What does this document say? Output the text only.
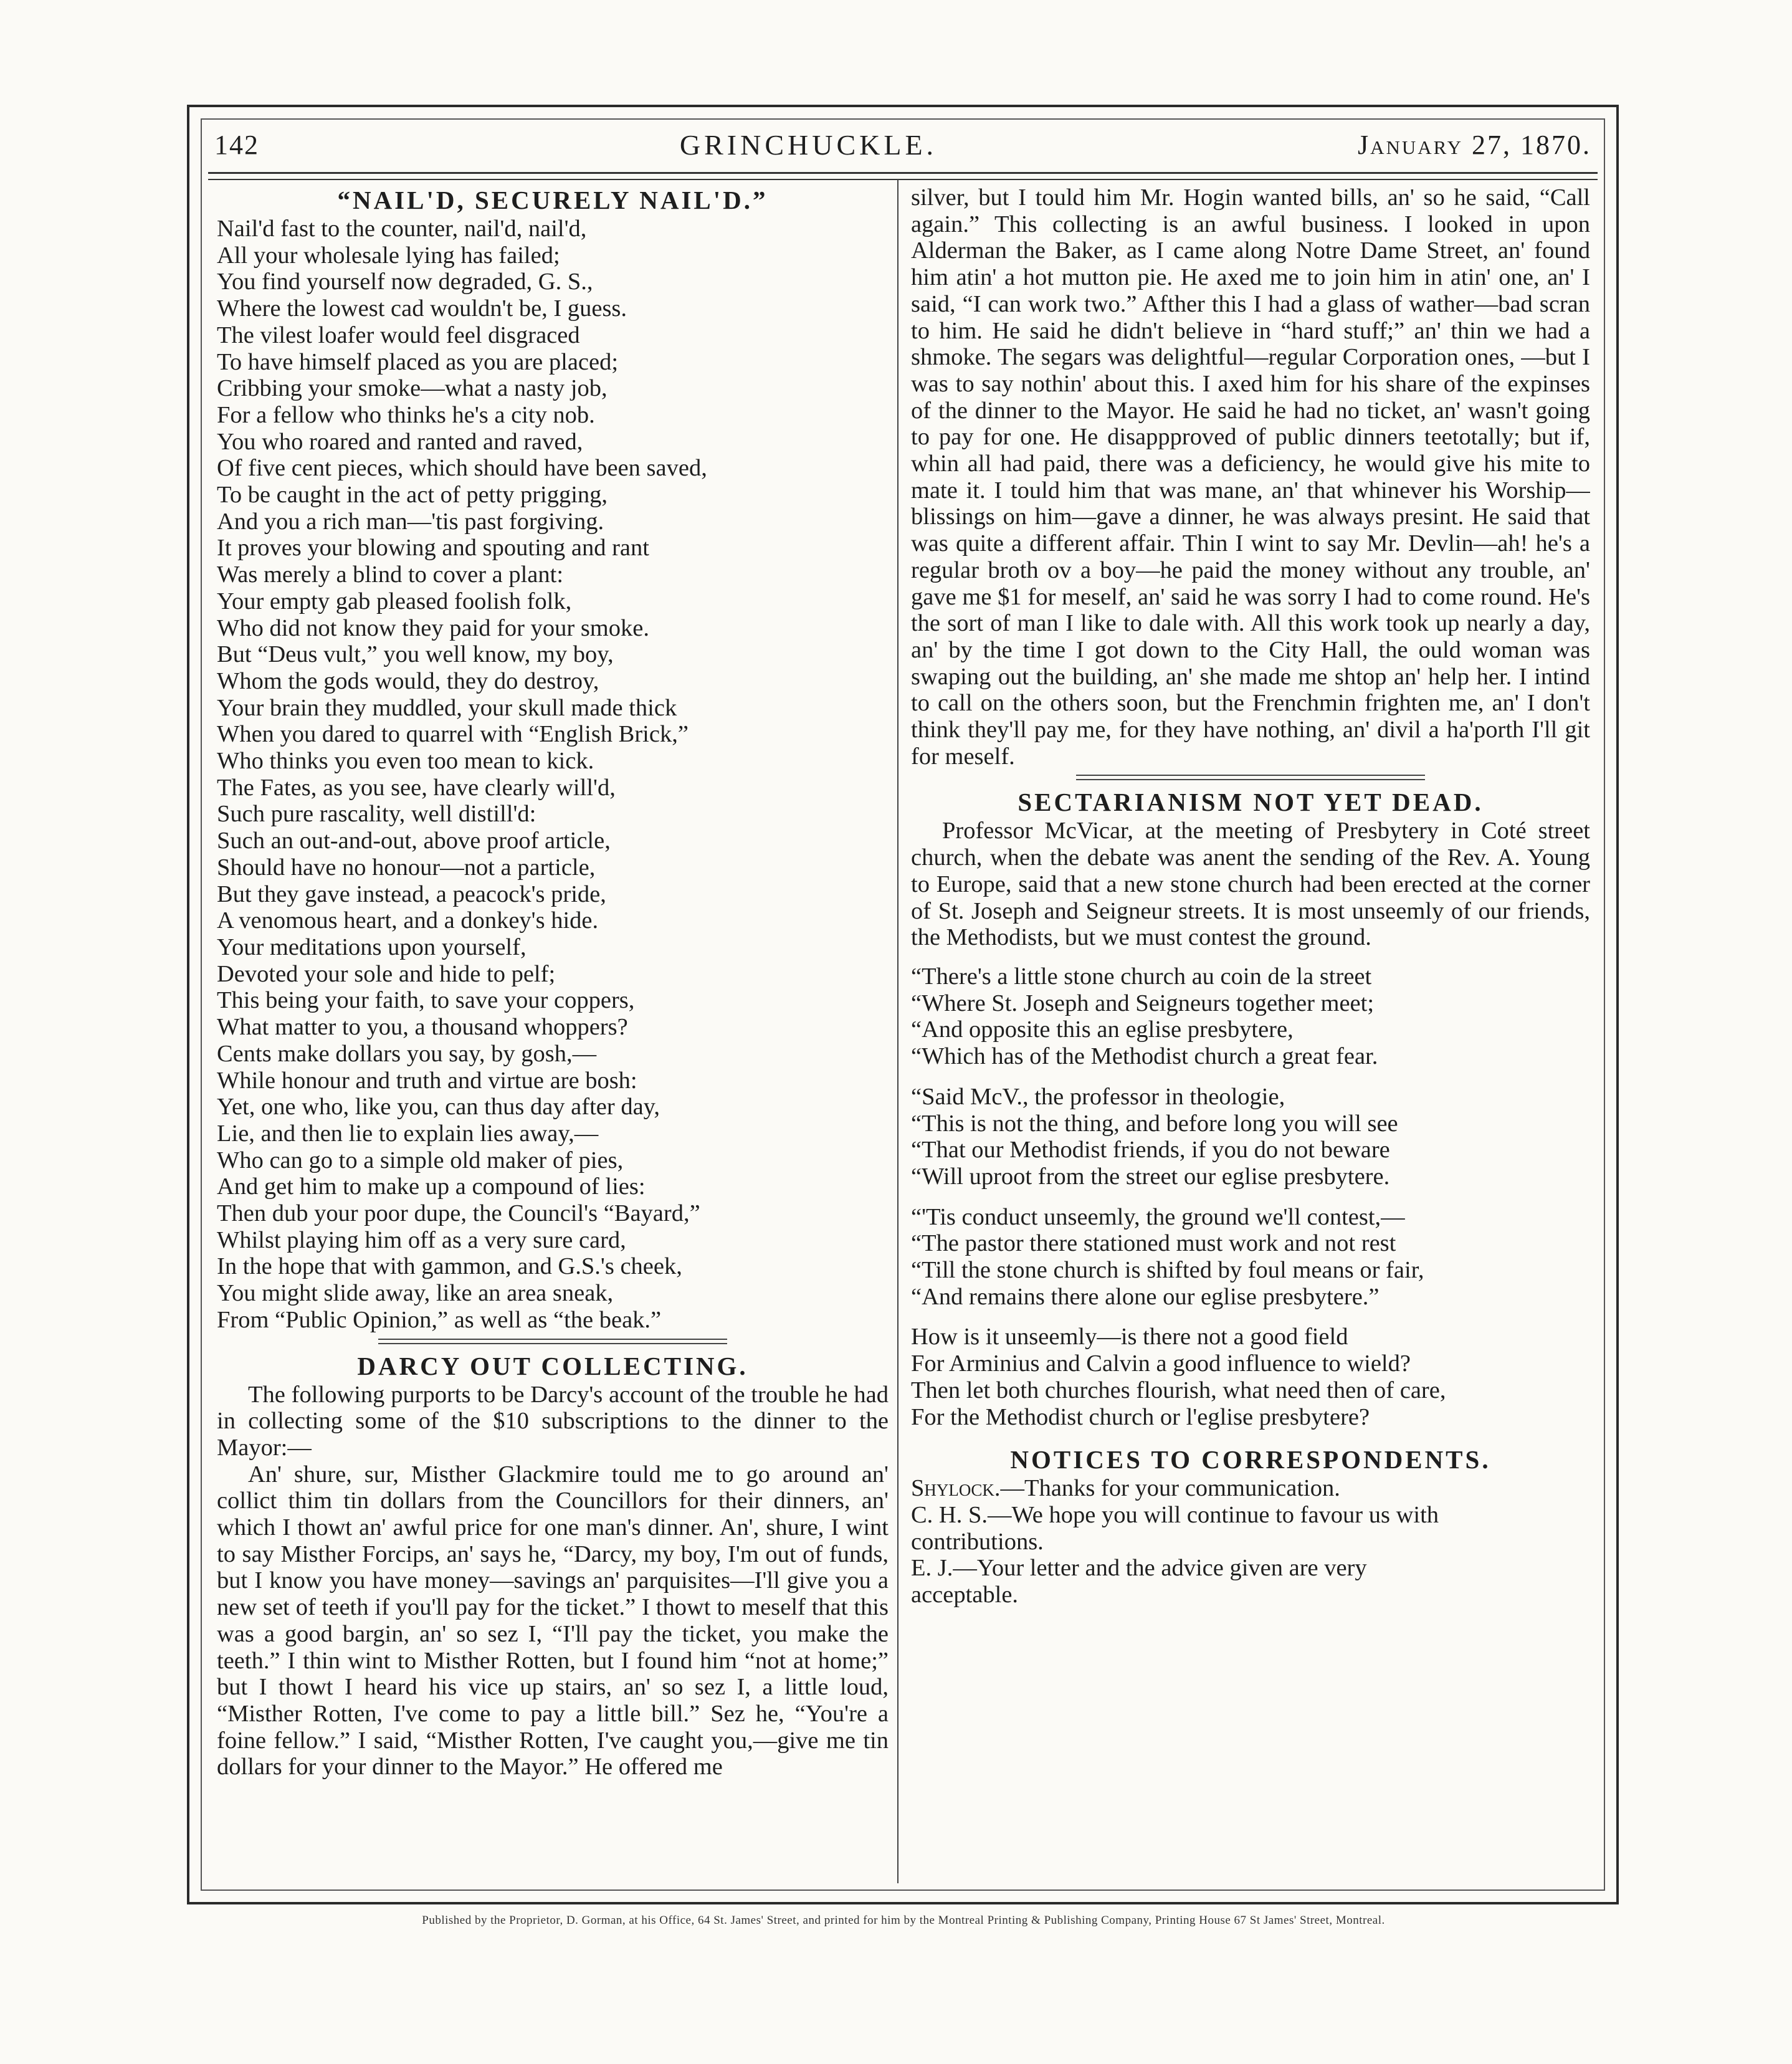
142	GRINCHUCKLE.	January 27, 1870.
“NAIL'D, SECURELY NAIL'D.”
Nail'd fast to the counter, nail'd, nail'd,
All your wholesale lying has failed;
You find yourself now degraded, G. S.,
Where the lowest cad wouldn't be, I guess.
The vilest loafer would feel disgraced
To have himself placed as you are placed;
Cribbing your smoke—what a nasty job,
For a fellow who thinks he's a city nob.
You who roared and ranted and raved,
Of five cent pieces, which should have been saved,
To be caught in the act of petty prigging,
And you a rich man—'tis past forgiving.
It proves your blowing and spouting and rant
Was merely a blind to cover a plant:
Your empty gab pleased foolish folk,
Who did not know they paid for your smoke.
But “Deus vult,” you well know, my boy,
Whom the gods would, they do destroy,
Your brain they muddled, your skull made thick
When you dared to quarrel with “English Brick,”
Who thinks you even too mean to kick.
The Fates, as you see, have clearly will'd,
Such pure rascality, well distill'd:
Such an out-and-out, above proof article,
Should have no honour—not a particle,
But they gave instead, a peacock's pride,
A venomous heart, and a donkey's hide.
Your meditations upon yourself,
Devoted your sole and hide to pelf;
This being your faith, to save your coppers,
What matter to you, a thousand whoppers?
Cents make dollars you say, by gosh,—
While honour and truth and virtue are bosh:
Yet, one who, like you, can thus day after day,
Lie, and then lie to explain lies away,—
Who can go to a simple old maker of pies,
And get him to make up a compound of lies:
Then dub your poor dupe, the Council's “Bayard,”
Whilst playing him off as a very sure card,
In the hope that with gammon, and G.S.'s cheek,
You might slide away, like an area sneak,
From “Public Opinion,” as well as “the beak.”
DARCY OUT COLLECTING.

The following purports to be Darcy's account of the trouble he had in collecting some of the $10 subscriptions to the dinner to the Mayor:—

An' shure, sur, Misther Glackmire tould me to go around an' collict thim tin dollars from the Councillors for their dinners, an' which I thowt an' awful price for one man's dinner. An', shure, I wint to say Misther Forcips, an' says he, “Darcy, my boy, I'm out of funds, but I know you have money—savings an' parquisites—I'll give you a new set of teeth if you'll pay for the ticket.” I thowt to meself that this was a good bargin, an' so sez I, “I'll pay the ticket, you make the teeth.” I thin wint to Misther Rotten, but I found him “not at home;” but I thowt I heard his vice up stairs, an' so sez I, a little loud, “Misther Rotten, I've come to pay a little bill.” Sez he, “You're a foine fellow.” I said, “Misther Rotten, I've caught you,—give me tin dollars for your dinner to the Mayor.” He offered me

silver, but I tould him Mr. Hogin wanted bills, an' so he said, “Call again.” This collecting is an awful business. I looked in upon Alderman the Baker, as I came along Notre Dame Street, an' found him atin' a hot mutton pie. He axed me to join him in atin' one, an' I said, “I can work two.” Afther this I had a glass of wather—bad scran to him. He said he didn't believe in “hard stuff;” an' thin we had a shmoke. The segars was delightful—regular Corporation ones, —but I was to say nothin' about this. I axed him for his share of the expinses of the dinner to the Mayor. He said he had no ticket, an' wasn't going to pay for one. He disappproved of public dinners teetotally; but if, whin all had paid, there was a deficiency, he would give his mite to mate it. I tould him that was mane, an' that whinever his Worship—blissings on him—gave a dinner, he was always presint. He said that was quite a different affair. Thin I wint to say Mr. Devlin—ah! he's a regular broth ov a boy—he paid the money without any trouble, an' gave me $1 for meself, an' said he was sorry I had to come round. He's the sort of man I like to dale with. All this work took up nearly a day, an' by the time I got down to the City Hall, the ould woman was swaping out the building, an' she made me shtop an' help her. I intind to call on the others soon, but the Frenchmin frighten me, an' I don't think they'll pay me, for they have nothing, an' divil a ha'porth I'll git for meself.

SECTARIANISM NOT YET DEAD.

Professor McVicar, at the meeting of Presbytery in Coté street church, when the debate was anent the sending of the Rev. A. Young to Europe, said that a new stone church had been erected at the corner of St. Joseph and Seigneur streets. It is most unseemly of our friends, the Methodists, but we must contest the ground.

“There's a little stone church au coin de la street
“Where St. Joseph and Seigneurs together meet;
“And opposite this an eglise presbytere,
“Which has of the Methodist church a great fear.
“Said McV., the professor in theologie,
“This is not the thing, and before long you will see
“That our Methodist friends, if you do not beware
“Will uproot from the street our eglise presbytere.
“'Tis conduct unseemly, the ground we'll contest,—
“The pastor there stationed must work and not rest
“Till the stone church is shifted by foul means or fair,
“And remains there alone our eglise presbytere.”
How is it unseemly—is there not a good field
For Arminius and Calvin a good influence to wield?
Then let both churches flourish, what need then of care,
For the Methodist church or l'eglise presbytere?
NOTICES TO CORRESPONDENTS.
Shylock.—Thanks for your communication.
C. H. S.—We hope you will continue to favour us with
contributions.
E. J.—Your letter and the advice given are very
acceptable.
Published by the Proprietor, D. Gorman, at his Office, 64 St. James' Street, and printed for him by the Montreal Printing & Publishing Company, Printing House 67 St James' Street, Montreal.
